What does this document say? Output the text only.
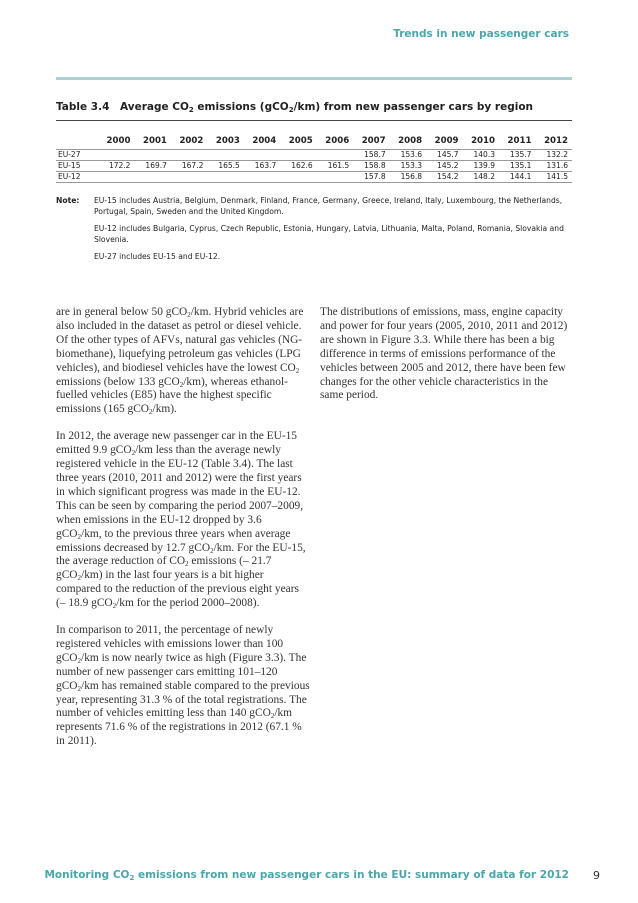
Trends in new passenger cars
Table 3.4 Average $CO_2$ emissions (gCO$_2$/km) from new passenger cars by region
	2000	2001	2002	2003	2004	2005	2006	2007	2008	2009	2010	2011	2012
EU-27								158.7	153.6	145.7	140.3	135.7	132.2
EU-15	172.2	169.7	167.2	165.5	163.7	162.6	161.5	158.8	153.3	145.2	139.9	135.1	131.6
EU-12								157.8	156.8	154.2	148.2	144.1	141.5
Note: EU-15 includes Austria, Belgium, Denmark, Finland, France, Germany, Greece, Ireland, Italy, Luxembourg, the Netherlands, Portugal, Spain, Sweden and the United Kingdom.
EU-12 includes Bulgaria, Cyprus, Czech Republic, Estonia, Hungary, Latvia, Lithuania, Malta, Poland, Romania, Slovakia and Slovenia.
EU-27 includes EU-15 and EU-12.

are in general below 50 gCO$_2$/km. Hybrid vehicles are also included in the dataset as petrol or diesel vehicle. Of the other types of AFVs, natural gas vehicles (NG-biomethane), liquefying petroleum gas vehicles (LPG vehicles), and biodiesel vehicles have the lowest $CO_2$ emissions (below 133 gCO$_2$/km), whereas ethanol-fuelled vehicles (E85) have the highest specific emissions (165 gCO$_2$/km).

In 2012, the average new passenger car in the EU-15 emitted 9.9 gCO$_2$/km less than the average newly registered vehicle in the EU-12 (Table 3.4). The last three years (2010, 2011 and 2012) were the first years in which significant progress was made in the EU-12. This can be seen by comparing the period 2007–2009, when emissions in the EU-12 dropped by 3.6 gCO$_2$/km, to the previous three years when average emissions decreased by 12.7 gCO$_2$/km. For the EU-15, the average reduction of $CO_2$ emissions (– 21.7 gCO$_2$/km) in the last four years is a bit higher compared to the reduction of the previous eight years (– 18.9 gCO$_2$/km for the period 2000–2008).

In comparison to 2011, the percentage of newly registered vehicles with emissions lower than 100 gCO$_2$/km is now nearly twice as high (Figure 3.3). The number of new passenger cars emitting 101–120 gCO$_2$/km has remained stable compared to the previous year, representing 31.3 % of the total registrations. The number of vehicles emitting less than 140 gCO$_2$/km represents 71.6 % of the registrations in 2012 (67.1 % in 2011).

The distributions of emissions, mass, engine capacity and power for four years (2005, 2010, 2011 and 2012) are shown in Figure 3.3. While there has been a big difference in terms of emissions performance of the vehicles between 2005 and 2012, there have been few changes for the other vehicle characteristics in the same period.

Monitoring $CO_2$ emissions from new passenger cars in the EU: summary of data for 2012 9
